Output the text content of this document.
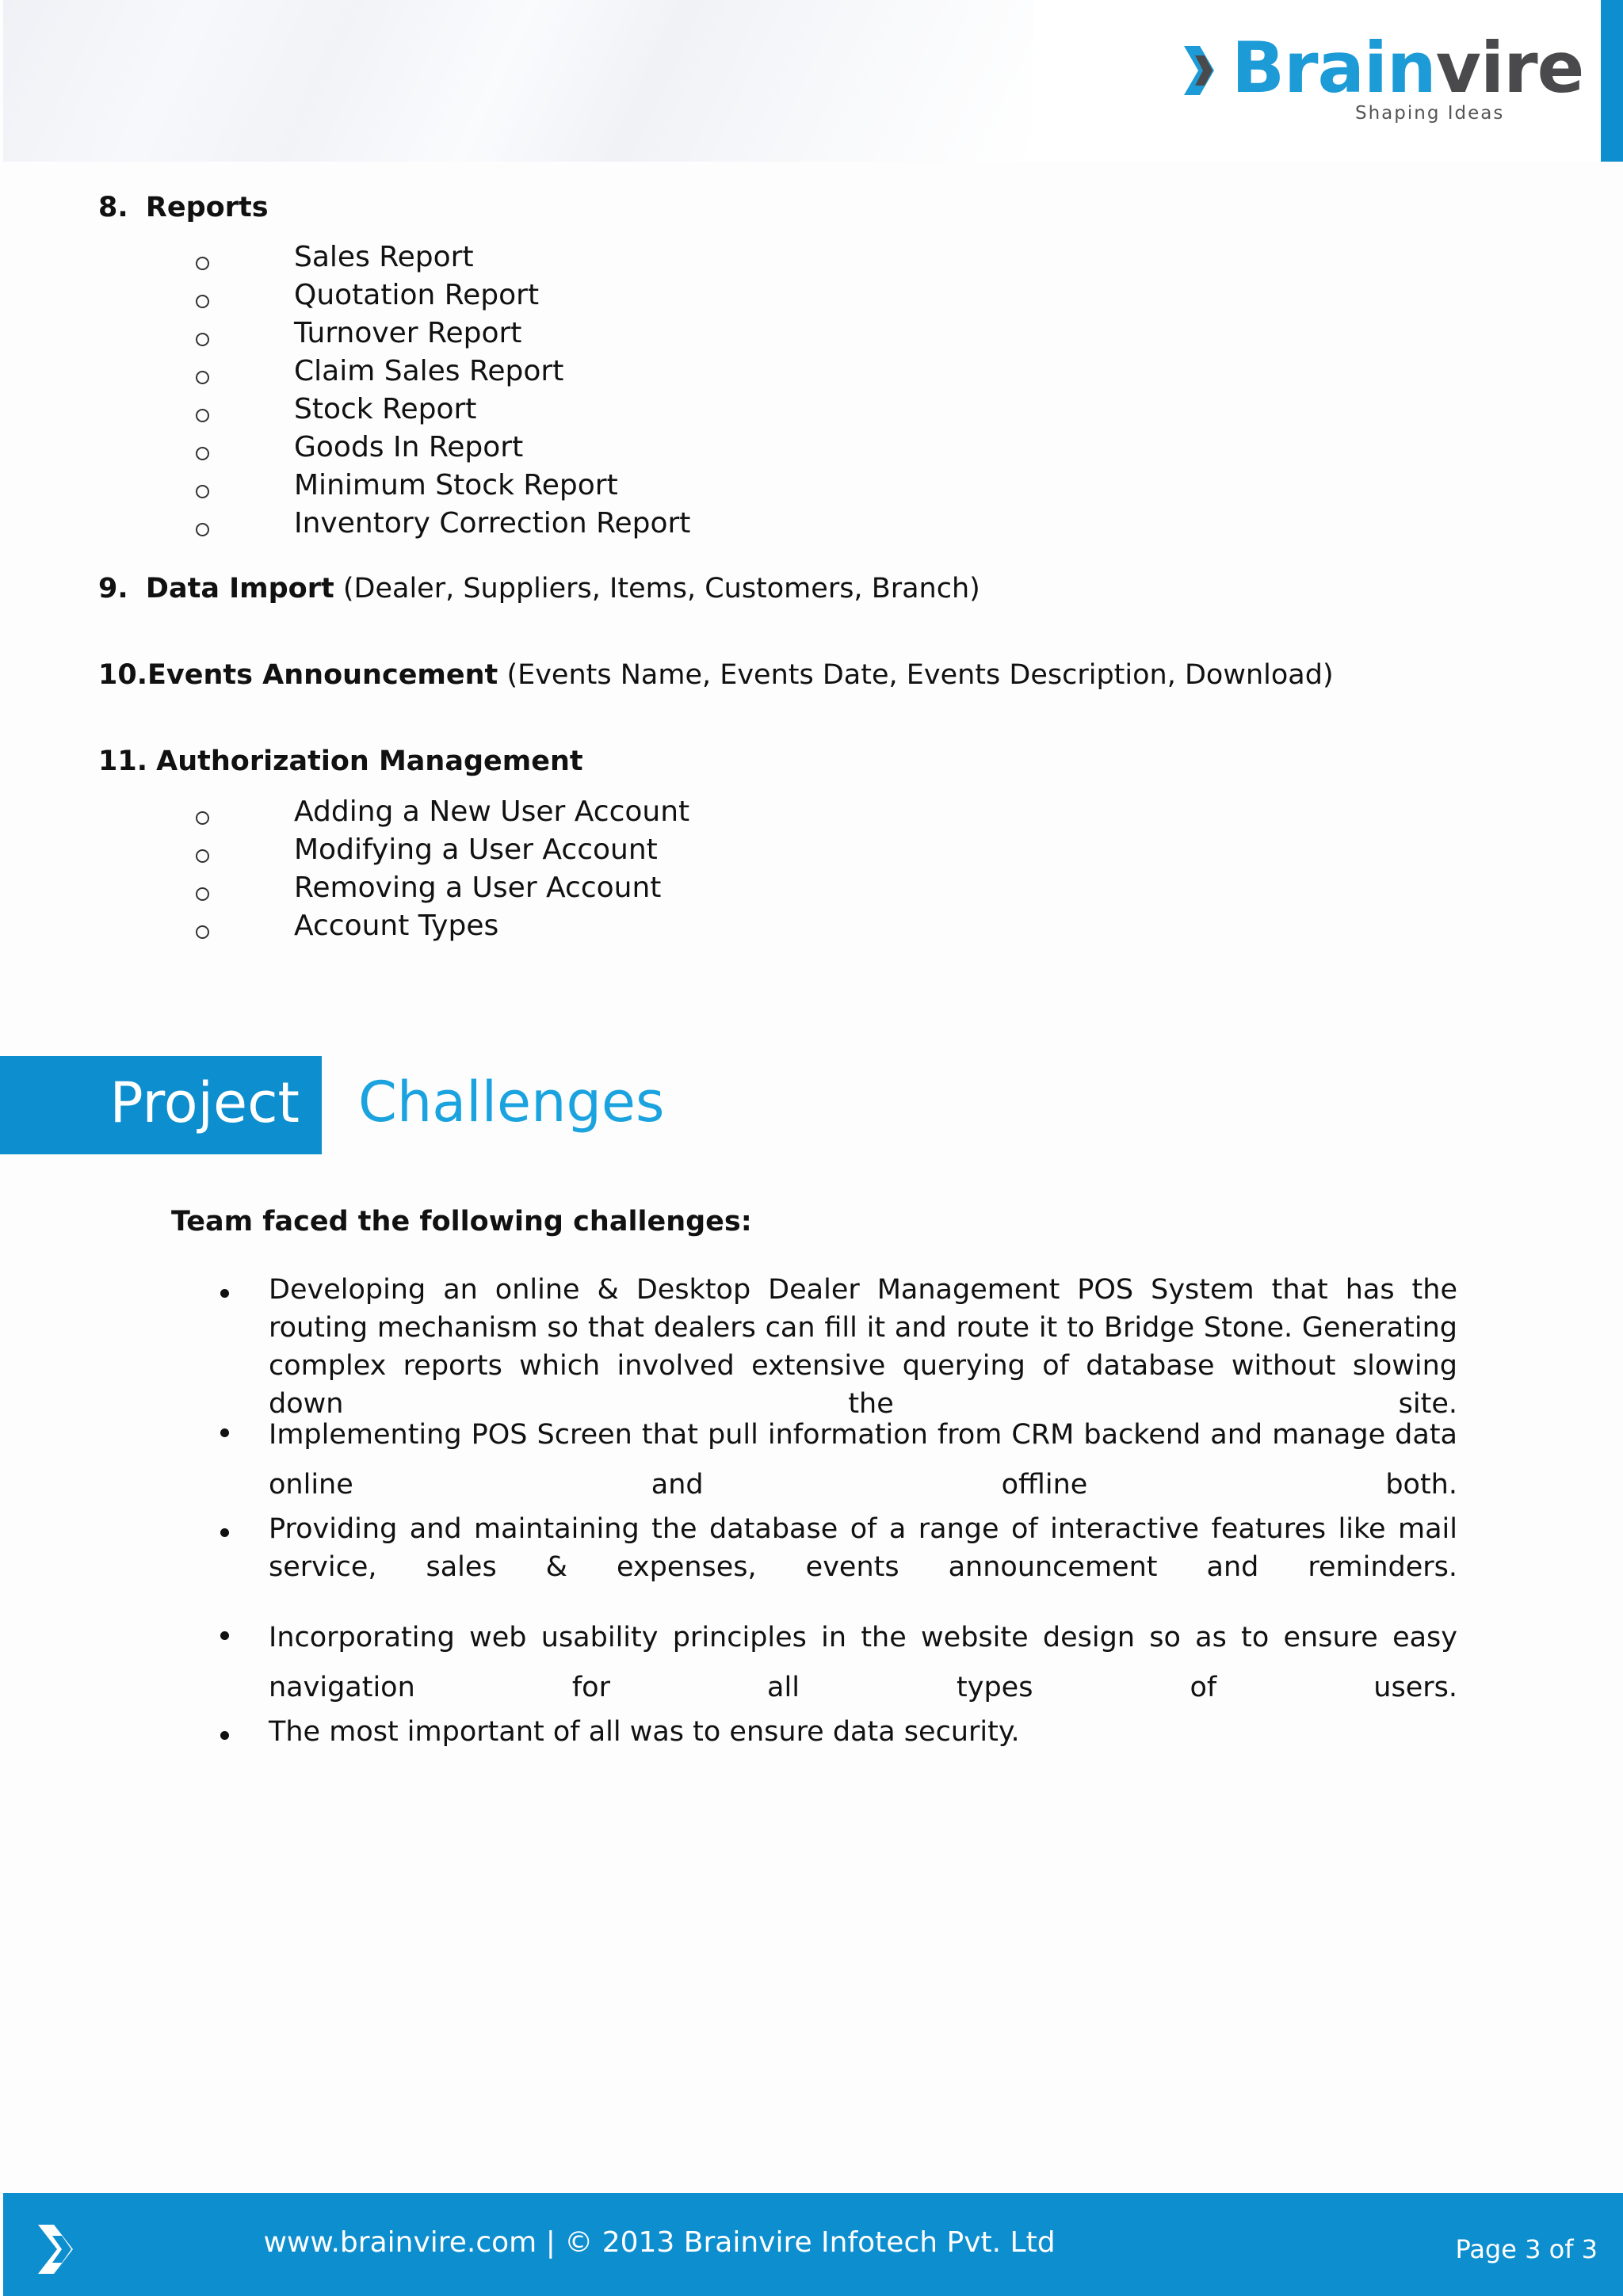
Brainvire
Shaping Ideas
8. Reports
Sales Report
Quotation Report
Turnover Report
Claim Sales Report
Stock Report
Goods In Report
Minimum Stock Report
Inventory Correction Report
9. Data Import (Dealer, Suppliers, Items, Customers, Branch)
10.Events Announcement (Events Name, Events Date, Events Description, Download)
11. Authorization Management
Adding a New User Account
Modifying a User Account
Removing a User Account
Account Types
Project Challenges
Team faced the following challenges:
Developing an online & Desktop Dealer Management POS System that has the routing mechanism so that dealers can fill it and route it to Bridge Stone. Generating complex reports which involved extensive querying of database without slowing down the site.
Implementing POS Screen that pull information from CRM backend and manage data online and offline both.
Providing and maintaining the database of a range of interactive features like mail service, sales & expenses, events announcement and reminders.
Incorporating web usability principles in the website design so as to ensure easy navigation for all types of users.
The most important of all was to ensure data security.
www.brainvire.com | © 2013 Brainvire Infotech Pvt. Ltd	Page 3 of 3
